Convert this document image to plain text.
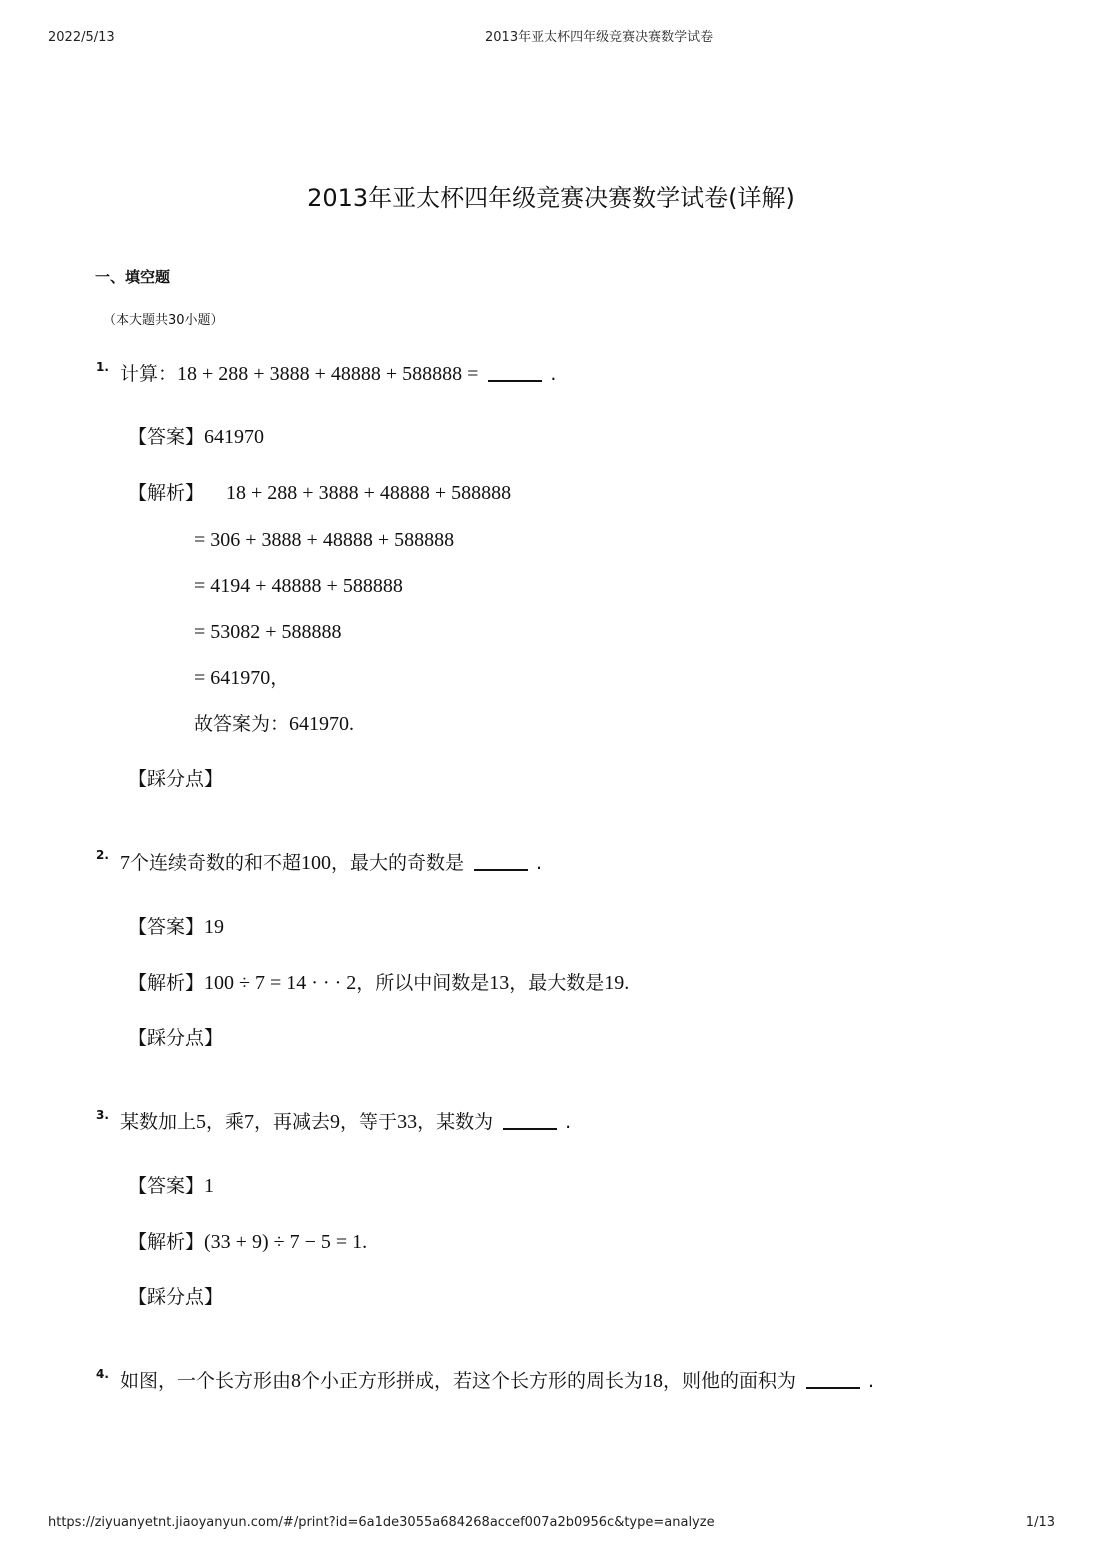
2022/5/13	2013年亚太杯四年级竞赛决赛数学试卷
2013年亚太杯四年级竞赛决赛数学试卷(详解)
一、填空题
（本大题共30小题）
1. 计算：18 + 288 + 3888 + 48888 + 588888 =	.
【答案】641970
【解析】 18 + 288 + 3888 + 48888 + 588888
= 306 + 3888 + 48888 + 588888
= 4194 + 48888 + 588888
= 53082 + 588888
= 641970，
故答案为：641970.
【踩分点】
2. 7个连续奇数的和不超100，最大的奇数是	.
【答案】19
【解析】100 ÷ 7 = 14 · · · 2，所以中间数是13，最大数是19.
【踩分点】
3. 某数加上5，乘7，再减去9，等于33，某数为	.
【答案】1
【解析】(33 + 9) ÷ 7 − 5 = 1.
【踩分点】
4. 如图，一个长方形由8个小正方形拼成，若这个长方形的周长为18，则他的面积为	.
https://ziyuanyetnt.jiaoyanyun.com/#/print?id=6a1de3055a684268accef007a2b0956c&type=analyze	1/13
